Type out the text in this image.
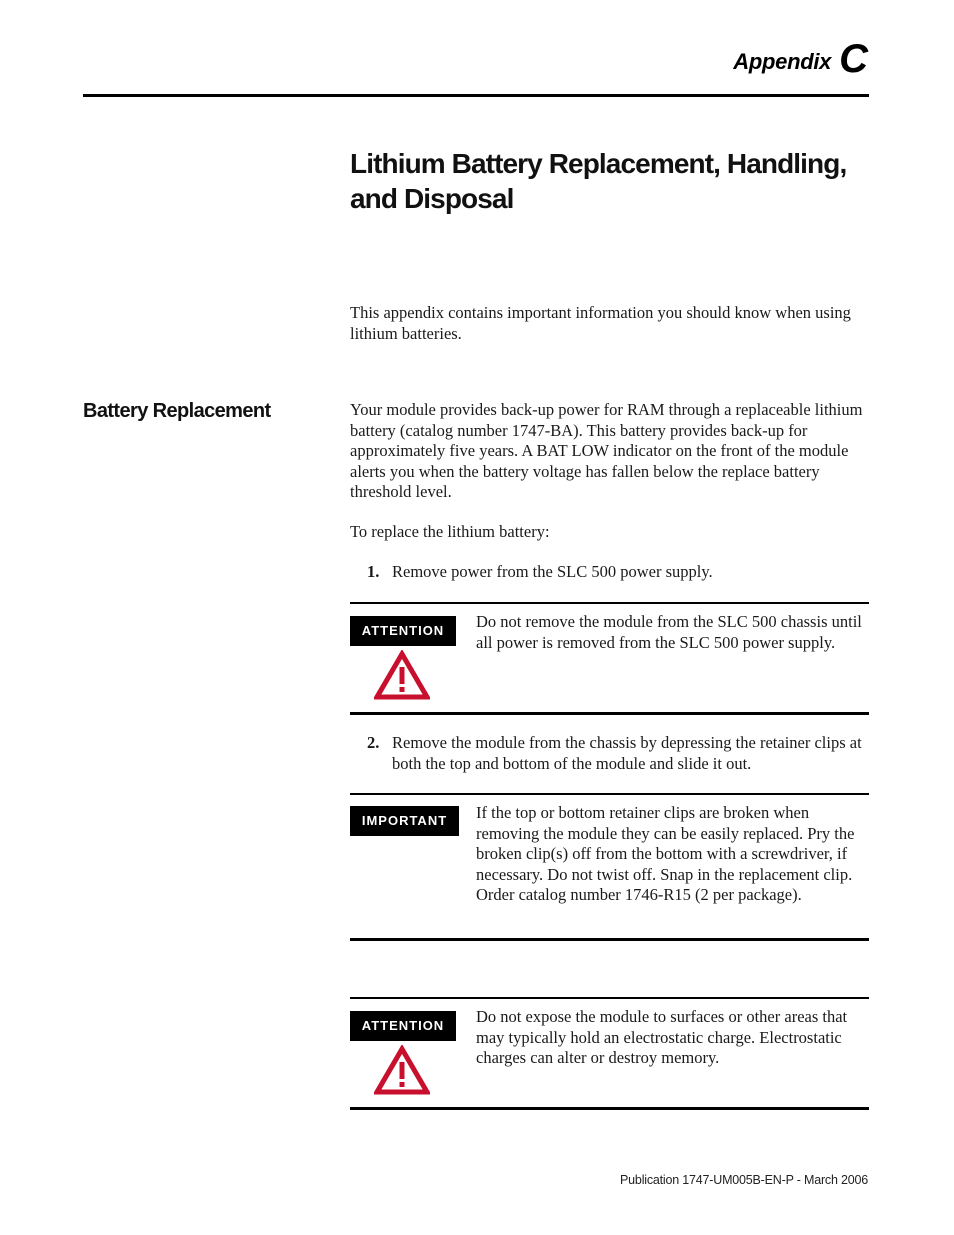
Appendix C
Lithium Battery Replacement, Handling, and Disposal

This appendix contains important information you should know when using lithium batteries.

Battery Replacement	Your module provides back-up power for RAM through a replaceable lithium battery (catalog number 1747-BA). This battery provides back-up for approximately five years. A BAT LOW indicator on the front of the module alerts you when the battery voltage has fallen below the replace battery threshold level.

To replace the lithium battery:

1. Remove power from the SLC 500 power supply.

ATTENTION	Do not remove the module from the SLC 500 chassis until all power is removed from the SLC 500 power supply.

2. Remove the module from the chassis by depressing the retainer clips at both the top and bottom of the module and slide it out.

IMPORTANT	If the top or bottom retainer clips are broken when removing the module they can be easily replaced. Pry the broken clip(s) off from the bottom with a screwdriver, if necessary. Do not twist off. Snap in the replacement clip. Order catalog number 1746-R15 (2 per package).

ATTENTION	Do not expose the module to surfaces or other areas that may typically hold an electrostatic charge. Electrostatic charges can alter or destroy memory.

Publication 1747-UM005B-EN-P - March 2006
